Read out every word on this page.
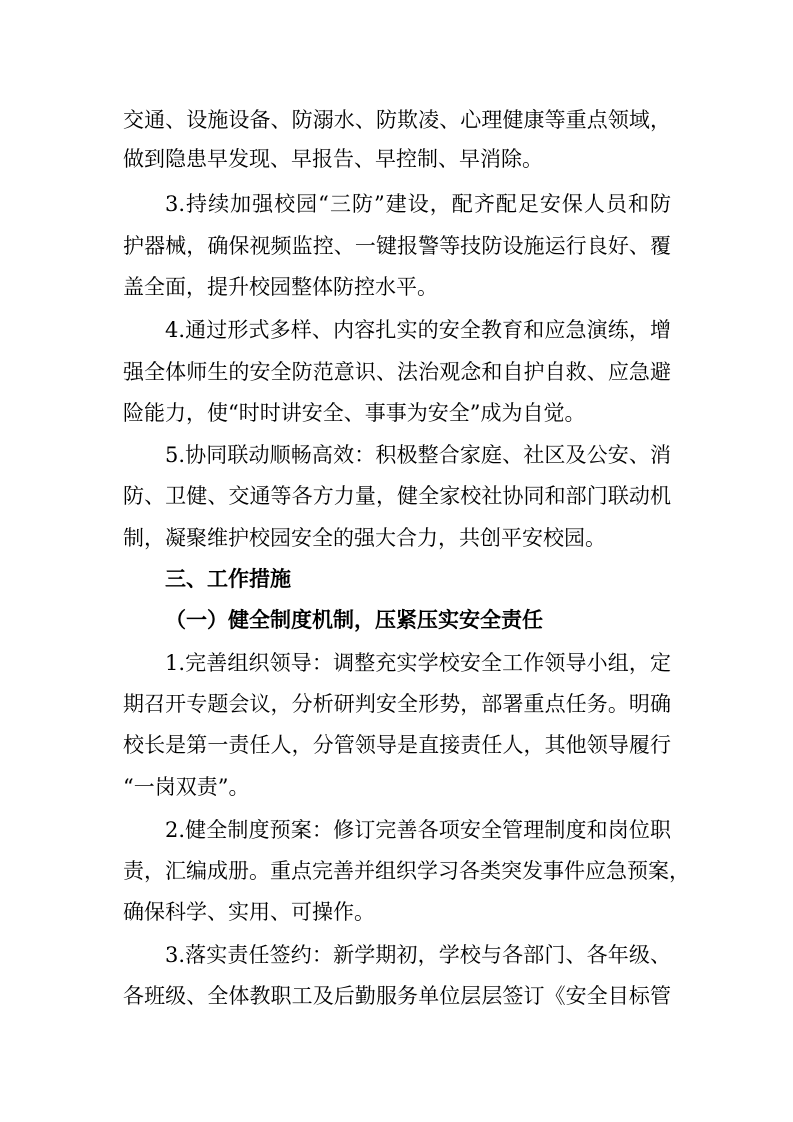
交通、设施设备、防溺水、防欺凌、心理健康等重点领域，

做到隐患早发现、早报告、早控制、早消除。

3.持续加强校园“三防”建设，配齐配足安保人员和防

护器械，确保视频监控、一键报警等技防设施运行良好、覆

盖全面，提升校园整体防控水平。

4.通过形式多样、内容扎实的安全教育和应急演练，增

强全体师生的安全防范意识、法治观念和自护自救、应急避

险能力，使“时时讲安全、事事为安全”成为自觉。

5.协同联动顺畅高效：积极整合家庭、社区及公安、消

防、卫健、交通等各方力量，健全家校社协同和部门联动机

制，凝聚维护校园安全的强大合力，共创平安校园。

三、工作措施

（一）健全制度机制，压紧压实安全责任

1.完善组织领导：调整充实学校安全工作领导小组，定

期召开专题会议，分析研判安全形势，部署重点任务。明确

校长是第一责任人，分管领导是直接责任人，其他领导履行

“一岗双责”。

2.健全制度预案：修订完善各项安全管理制度和岗位职

责，汇编成册。重点完善并组织学习各类突发事件应急预案，

确保科学、实用、可操作。

3.落实责任签约：新学期初，学校与各部门、各年级、

各班级、全体教职工及后勤服务单位层层签订《安全目标管
